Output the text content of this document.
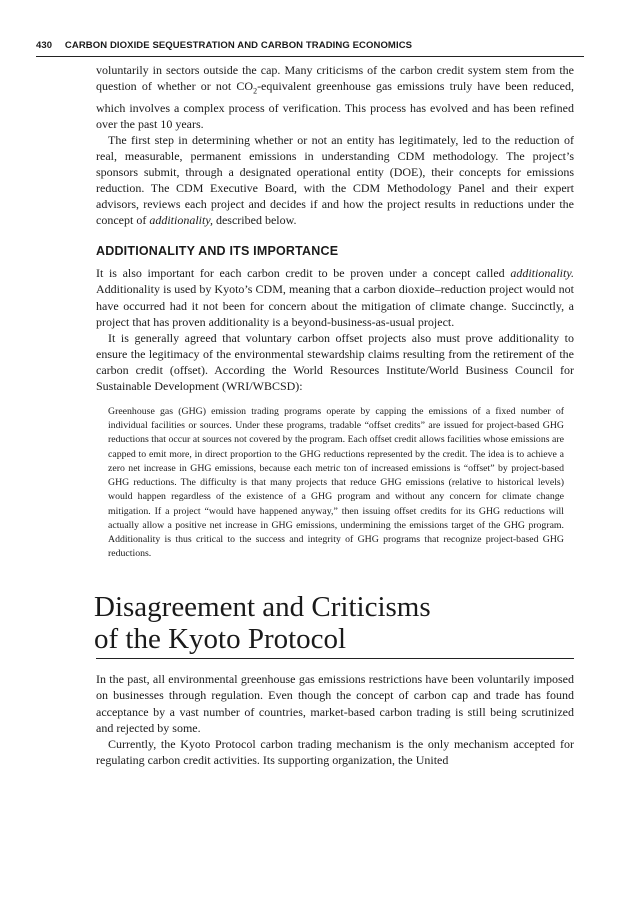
430 CARBON DIOXIDE SEQUESTRATION AND CARBON TRADING ECONOMICS

voluntarily in sectors outside the cap. Many criticisms of the carbon credit system stem from the question of whether or not $CO_2$-equivalent greenhouse gas emissions truly have been reduced, which involves a complex process of verification. This process has evolved and has been refined over the past 10 years.

The first step in determining whether or not an entity has legitimately, led to the reduction of real, measurable, permanent emissions in understanding CDM methodology. The project’s sponsors submit, through a designated operational entity (DOE), their concepts for emissions reduction. The CDM Executive Board, with the CDM Methodology Panel and their expert advisors, reviews each project and decides if and how the project results in reductions under the concept of additionality, described below.

ADDITIONALITY AND ITS IMPORTANCE

It is also important for each carbon credit to be proven under a concept called additionality. Additionality is used by Kyoto’s CDM, meaning that a carbon dioxide–reduction project would not have occurred had it not been for concern about the mitigation of climate change. Succinctly, a project that has proven additionality is a beyond-business-as-usual project.

It is generally agreed that voluntary carbon offset projects also must prove additionality to ensure the legitimacy of the environmental stewardship claims resulting from the retirement of the carbon credit (offset). According the World Resources Institute/World Business Council for Sustainable Development (WRI/WBCSD):

Greenhouse gas (GHG) emission trading programs operate by capping the emissions of a fixed number of individual facilities or sources. Under these programs, tradable “offset credits” are issued for project-based GHG reductions that occur at sources not covered by the program. Each offset credit allows facilities whose emissions are capped to emit more, in direct proportion to the GHG reductions represented by the credit. The idea is to achieve a zero net increase in GHG emissions, because each metric ton of increased emissions is “offset” by project-based GHG reductions. The difficulty is that many projects that reduce GHG emissions (relative to historical levels) would happen regardless of the existence of a GHG program and without any concern for climate change mitigation. If a project “would have happened anyway,” then issuing offset credits for its GHG reductions will actually allow a positive net increase in GHG emissions, undermining the emissions target of the GHG program. Additionality is thus critical to the success and integrity of GHG programs that recognize project-based GHG reductions.

Disagreement and Criticisms
of the Kyoto Protocol

In the past, all environmental greenhouse gas emissions restrictions have been voluntarily imposed on businesses through regulation. Even though the concept of carbon cap and trade has found acceptance by a vast number of countries, market-based carbon trading is still being scrutinized and rejected by some.

Currently, the Kyoto Protocol carbon trading mechanism is the only mechanism accepted for regulating carbon credit activities. Its supporting organization, the United
